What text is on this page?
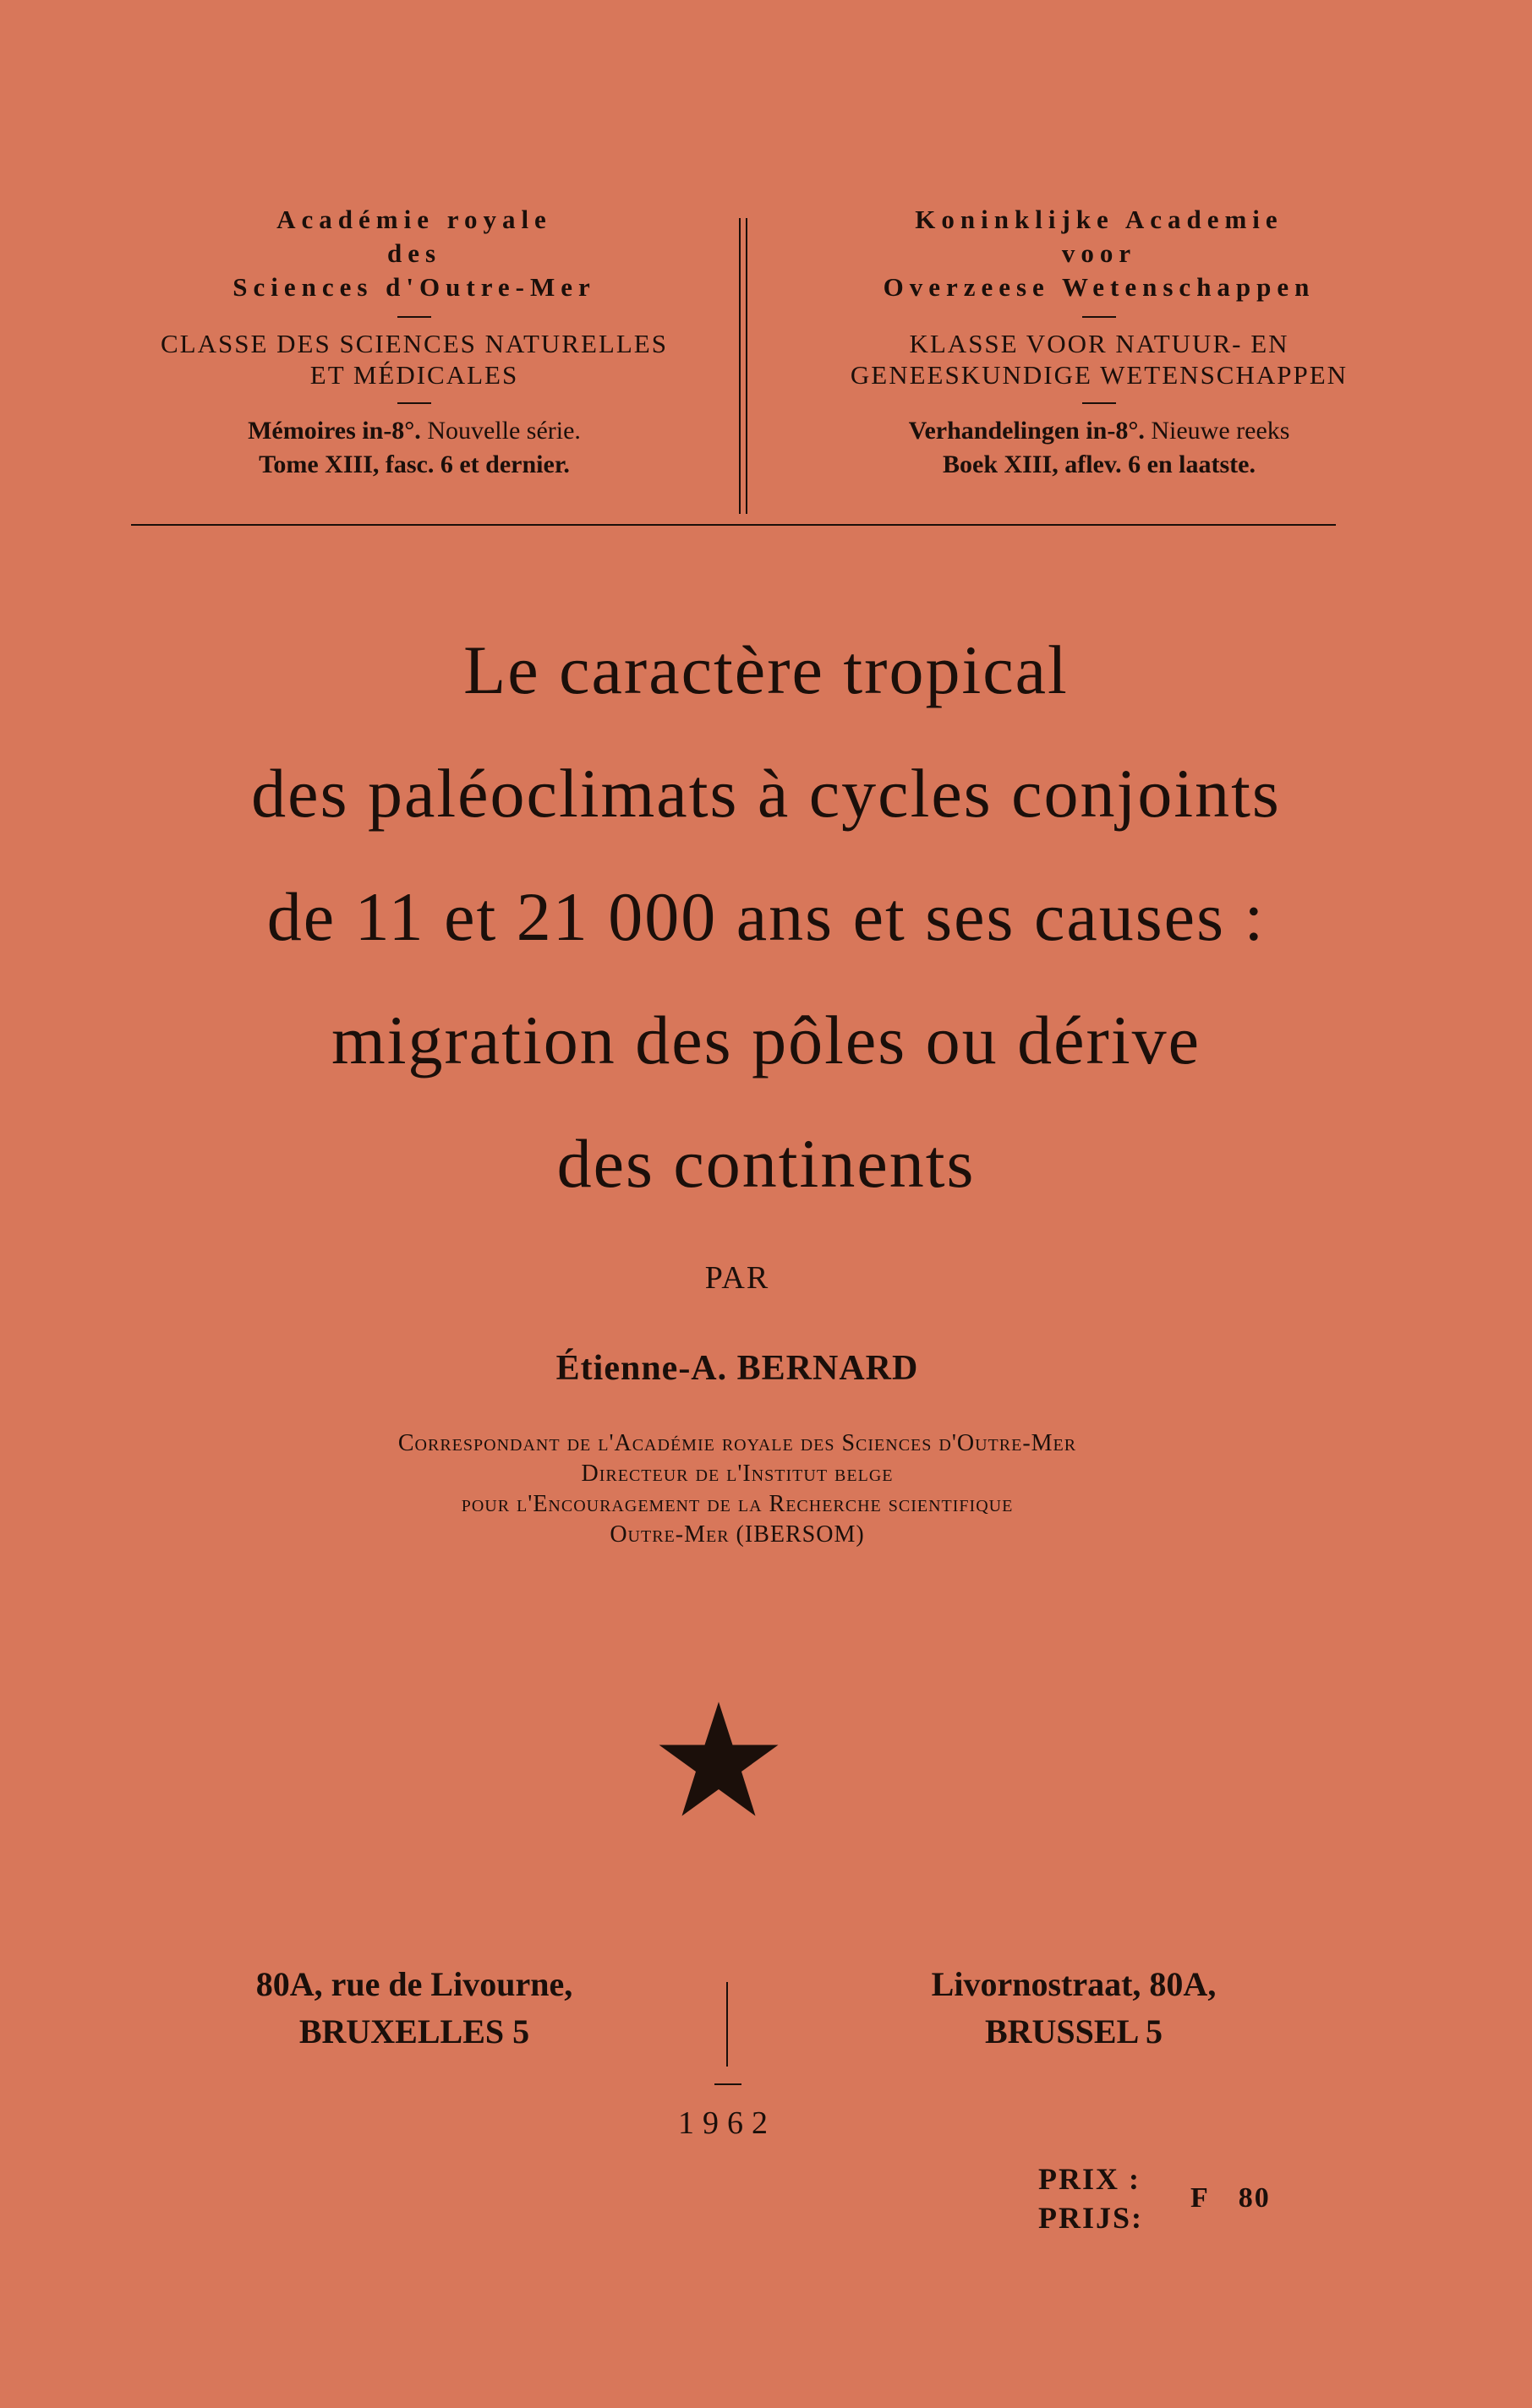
Académie royale
des
Sciences d'Outre-Mer
CLASSE DES SCIENCES NATURELLES
ET MÉDICALES
Mémoires in-8°. Nouvelle série.
Tome XIII, fasc. 6 et dernier.
Koninklijke Academie
voor
Overzeese Wetenschappen
KLASSE VOOR NATUUR- EN
GENEESKUNDIGE WETENSCHAPPEN
Verhandelingen in-8°. Nieuwe reeks
Boek XIII, aflev. 6 en laatste.
Le caractère tropical
des paléoclimats à cycles conjoints
de 11 et 21 000 ans et ses causes :
migration des pôles ou dérive
des continents
PAR
Étienne-A. BERNARD
Correspondant de l'Académie royale des Sciences d'Outre-Mer
Directeur de l'Institut belge
pour l'Encouragement de la Recherche scientifique
Outre-Mer (IBERSOM)
80A, rue de Livourne,
BRUXELLES 5
Livornostraat, 80A,
BRUSSEL 5
1962
PRIX :
PRIJS:
F 80
